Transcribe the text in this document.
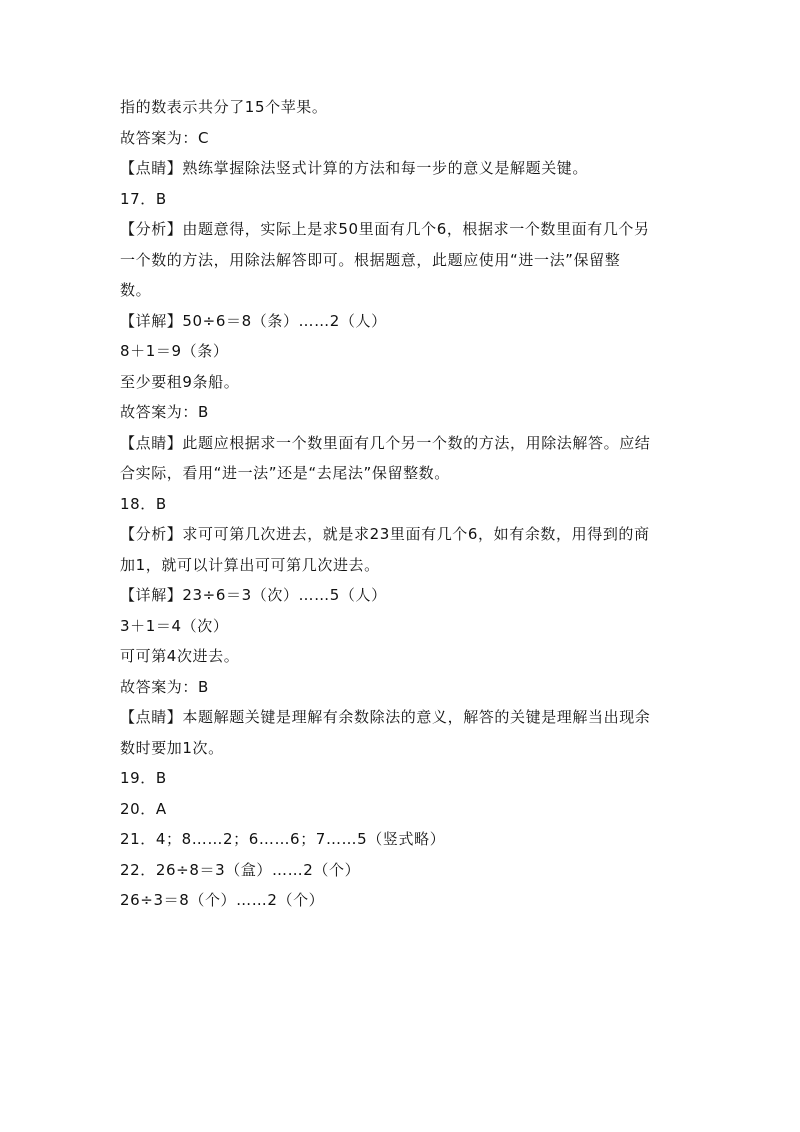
指的数表示共分了15个苹果。
故答案为：C
【点睛】熟练掌握除法竖式计算的方法和每一步的意义是解题关键。
17．B
【分析】由题意得，实际上是求50里面有几个6，根据求一个数里面有几个另
一个数的方法，用除法解答即可。根据题意，此题应使用“进一法”保留整
数。
【详解】50÷6＝8（条）……2（人）
8＋1＝9（条）
至少要租9条船。
故答案为：B
【点睛】此题应根据求一个数里面有几个另一个数的方法，用除法解答。应结
合实际，看用“进一法”还是“去尾法”保留整数。
18．B
【分析】求可可第几次进去，就是求23里面有几个6，如有余数，用得到的商
加1，就可以计算出可可第几次进去。
【详解】23÷6＝3（次）……5（人）
3＋1＝4（次）
可可第4次进去。
故答案为：B
【点睛】本题解题关键是理解有余数除法的意义，解答的关键是理解当出现余
数时要加1次。
19．B
20．A
21．4；8……2；6……6；7……5（竖式略）
22．26÷8＝3（盒）……2（个）
26÷3＝8（个）……2（个）
